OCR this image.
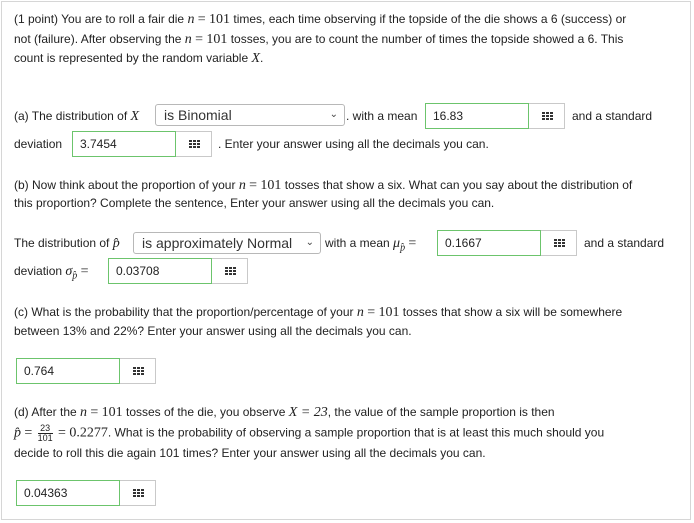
(1 point) You are to roll a fair die n = 101 times, each time observing if the topside of the die shows a 6 (success) or
not (failure). After observing the n = 101 tosses, you are to count the number of times the topside showed a 6. This
count is represented by the random variable X.
(a) The distribution of X	is Binomial	⌄ . with a mean	16.83	and a standard
deviation	3.7454	. Enter your answer using all the decimals you can.
(b) Now think about the proportion of your n = 101 tosses that show a six. What can you say about the distribution of
this proportion? Complete the sentence, Enter your answer using all the decimals you can.
The distribution of p̂	is approximately Normal ⌄ with a mean $\mu_{p̂}$ =	0.1667	and a standard
deviation $\sigma_{p̂}$ =	0.03708
(c) What is the probability that the proportion/percentage of your n = 101 tosses that show a six will be somewhere
between 13% and 22%? Enter your answer using all the decimals you can.
0.764
(d) After the n = 101 tosses of the die, you observe X = 23, the value of the sample proportion is then
p̂ = $\frac{23}{101} = 0.2277$. What is the probability of observing a sample proportion that is at least this much should you
decide to roll this die again 101 times? Enter your answer using all the decimals you can.
0.04363
